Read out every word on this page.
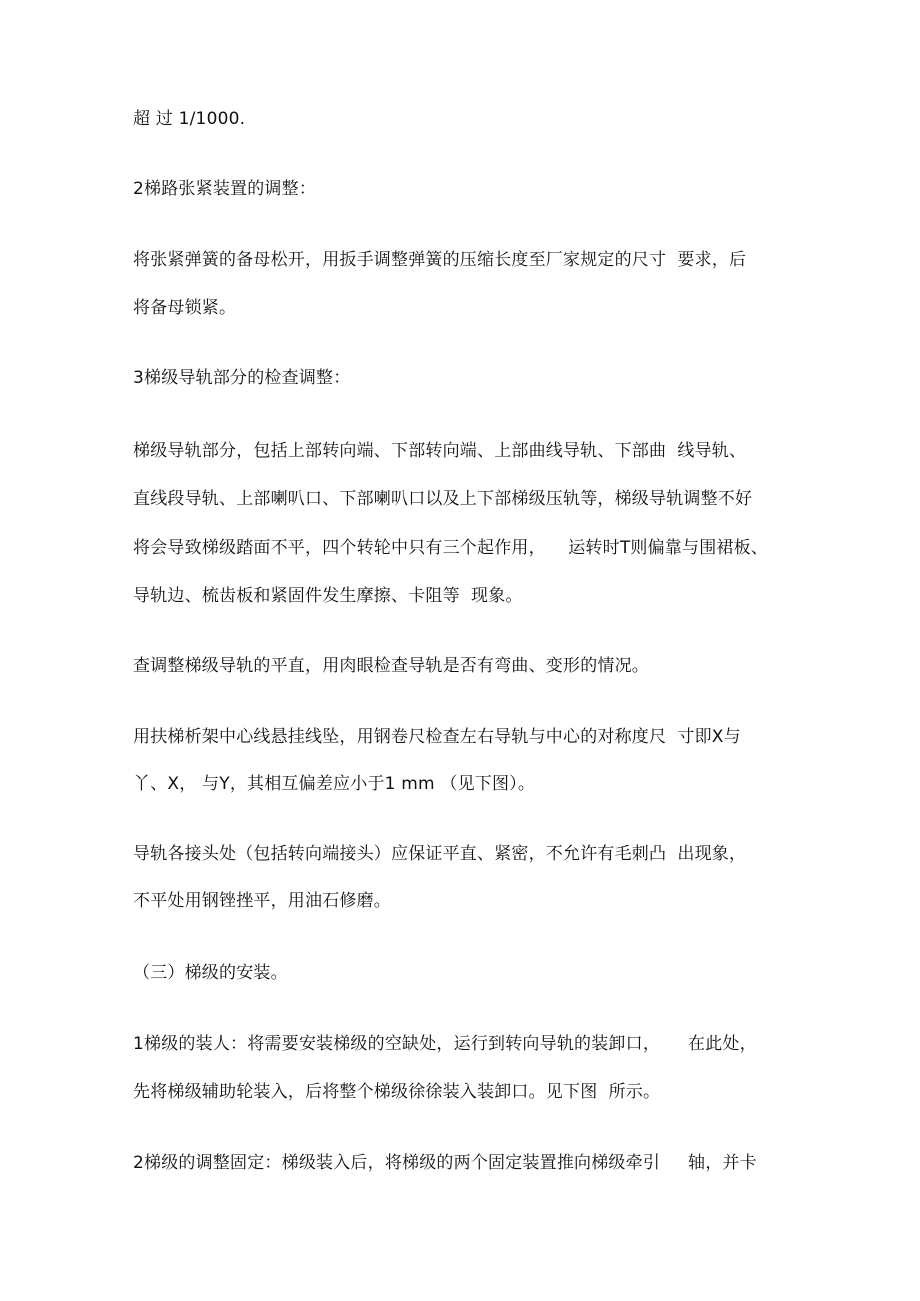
超 过 1/1000.
2梯路张紧装置的调整：
将张紧弹簧的备母松开，用扳手调整弹簧的压缩长度至厂家规定的尺寸  要求，后
将备母锁紧。
3梯级导轨部分的检查调整：
梯级导轨部分，包括上部转向端、下部转向端、上部曲线导轨、下部曲  线导轨、
直线段导轨、上部喇叭口、下部喇叭口以及上下部梯级压轨等，梯级导轨调整不好
将会导致梯级踏面不平，四个转轮中只有三个起作用，    运转时T则偏靠与围裙板、
导轨边、梳齿板和紧固件发生摩擦、卡阻等  现象。
查调整梯级导轨的平直，用肉眼检查导轨是否有弯曲、变形的情况。
用扶梯析架中心线悬挂线坠，用钢卷尺检查左右导轨与中心的对称度尺  寸即X与
丫、X， 与Y，其相互偏差应小于1 mm （见下图）。
导轨各接头处（包括转向端接头）应保证平直、紧密，不允许有毛刺凸  出现象，
不平处用钢锉挫平，用油石修磨。
（三）梯级的安装。
1梯级的装人：将需要安装梯级的空缺处，运行到转向导轨的装卸口，     在此处，
先将梯级辅助轮装入，后将整个梯级徐徐装入装卸口。见下图  所示。
2梯级的调整固定：梯级装入后，将梯级的两个固定装置推向梯级牵引     轴，并卡
